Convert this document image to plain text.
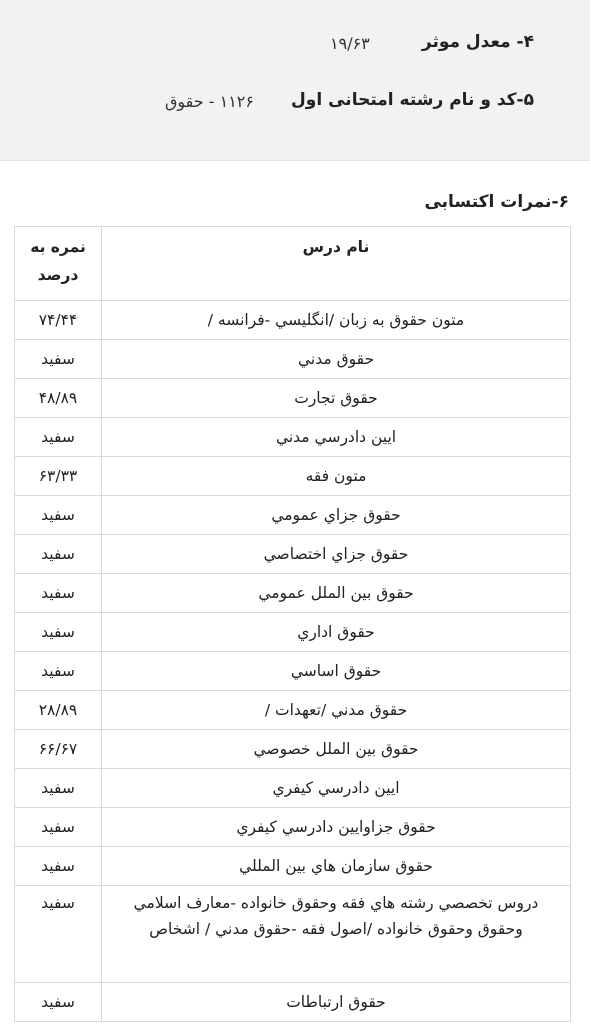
۴- معدل موثر
۱۹/۶۳
۵-کد و نام رشته امتحانی اول
۱۱۲۶ - حقوق
۶-نمرات اکتسابی
نام درس	نمره به درصد
متون حقوق به زبان /انگليسي -فرانسه /	۷۴/۴۴
حقوق مدني	سفید
حقوق تجارت	۴۸/۸۹
ايين دادرسي مدني	سفید
متون فقه	۶۳/۳۳
حقوق جزاي عمومي	سفید
حقوق جزاي اختصاصي	سفید
حقوق بين الملل عمومي	سفید
حقوق اداري	سفید
حقوق اساسي	سفید
حقوق مدني /تعهدات /	۲۸/۸۹
حقوق بين الملل خصوصي	۶۶/۶۷
ايين دادرسي كيفري	سفید
حقوق جزاوايين دادرسي كيفري	سفید
حقوق سازمان هاي بين المللي	سفید
دروس تخصصي رشته هاي فقه وحقوق خانواده -معارف اسلامي وحقوق وحقوق خانواده /اصول فقه -حقوق مدني / اشخاص	سفید
حقوق ارتباطات	سفید
